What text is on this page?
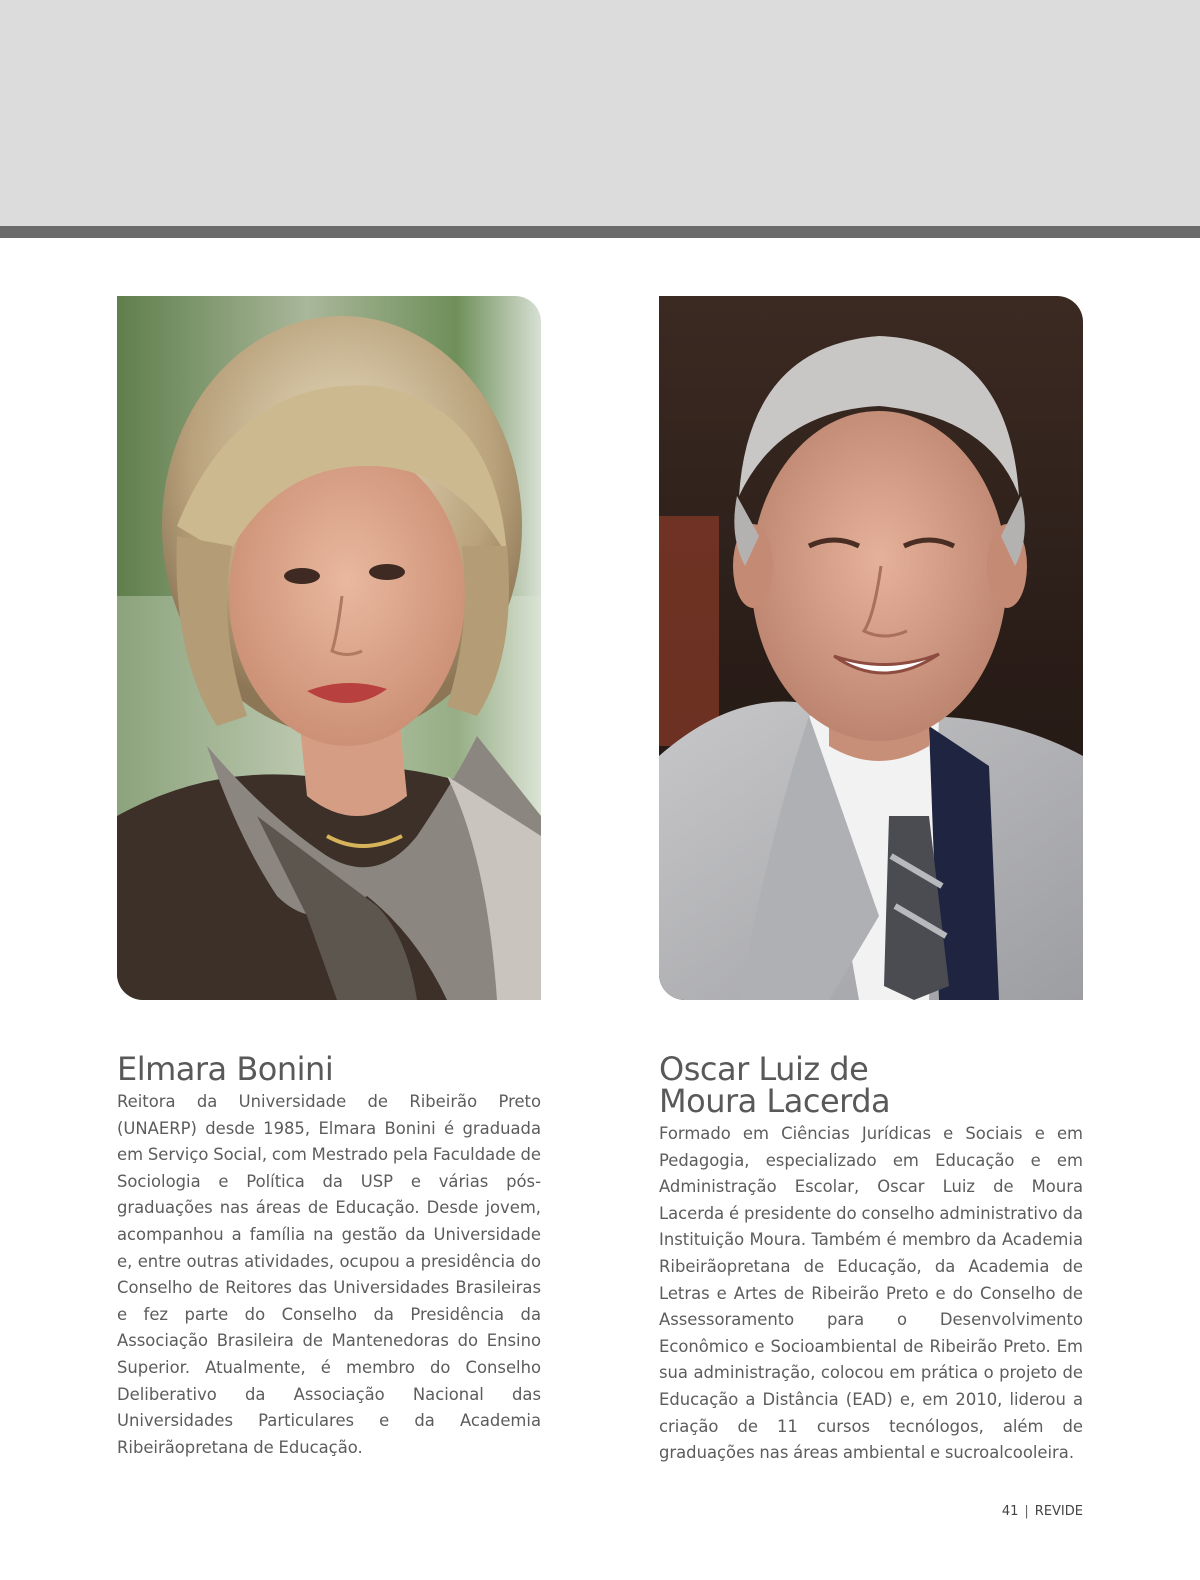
Elmara Bonini

Reitora da Universidade de Ribeirão Preto (UNAERP) desde 1985, Elmara Bonini é graduada em Serviço Social, com Mestrado pela Faculdade de Sociologia e Política da USP e várias pós-graduações nas áreas de Educação. Desde jovem, acompanhou a família na gestão da Universidade e, entre outras atividades, ocupou a presidência do Conselho de Reitores das Universidades Brasileiras e fez parte do Conselho da Presidência da Associação Brasileira de Mantenedoras do Ensino Superior. Atualmente, é membro do Conselho Deliberativo da Associação Nacional das Universidades Particulares e da Academia Ribeirãopretana de Educação.

Oscar Luiz de
Moura Lacerda

Formado em Ciências Jurídicas e Sociais e em Pedagogia, especializado em Educação e em Administração Escolar, Oscar Luiz de Moura Lacerda é presidente do conselho administrativo da Instituição Moura. Também é membro da Academia Ribeirãopretana de Educação, da Academia de Letras e Artes de Ribeirão Preto e do Conselho de Assessoramento para o Desenvolvimento Econômico e Socioambiental de Ribeirão Preto. Em sua administração, colocou em prática o projeto de Educação a Distância (EAD) e, em 2010, liderou a criação de 11 cursos tecnólogos, além de graduações nas áreas ambiental e sucroalcooleira.

41 | REVIDE
